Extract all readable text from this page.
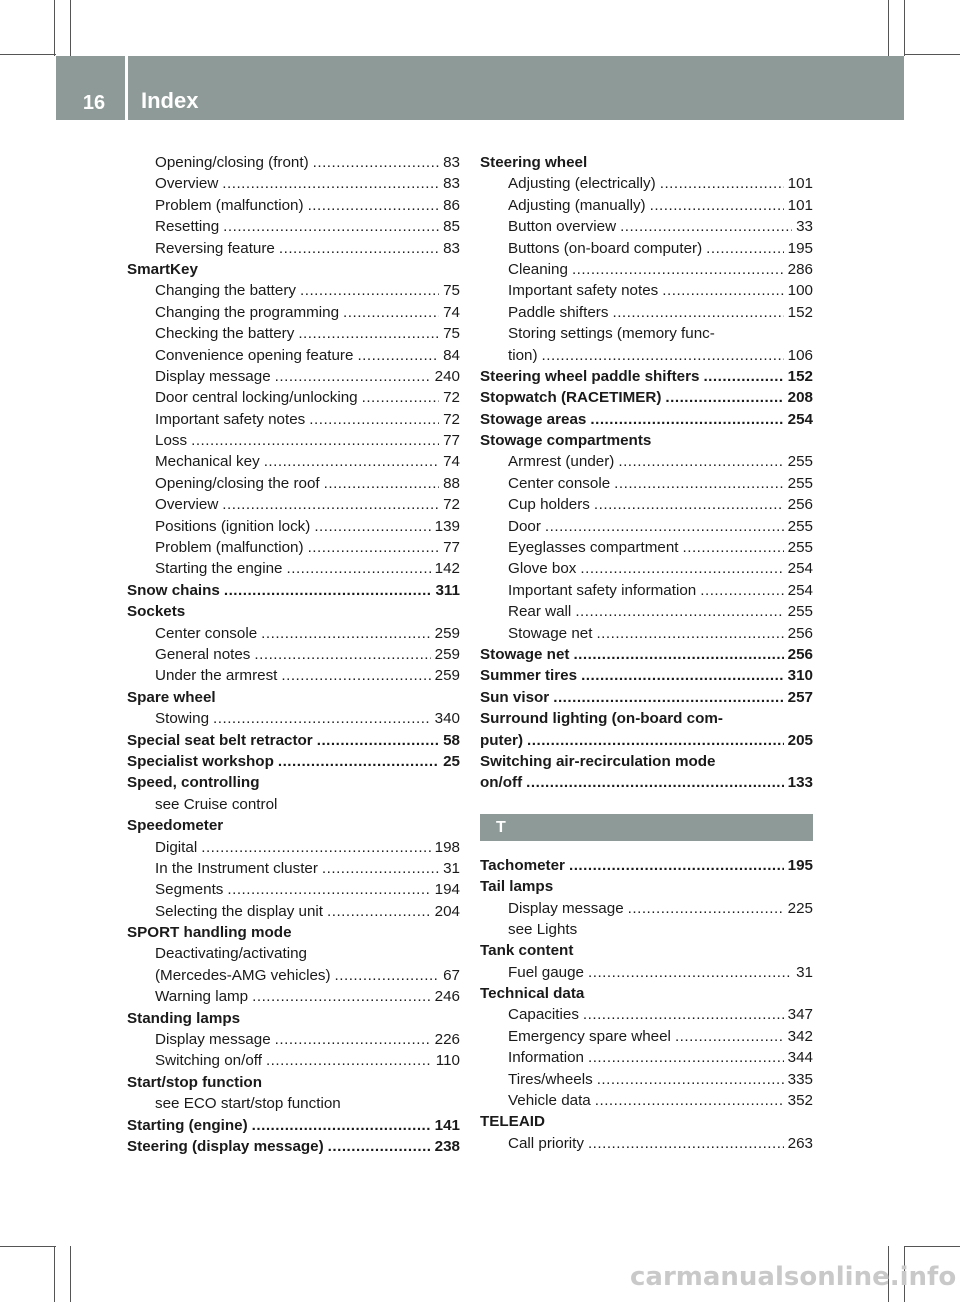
16	Index
Opening/closing (front) .....	83
Overview .....	83
Problem (malfunction) .....	86
Resetting .....	85
Reversing feature .....	83
SmartKey
Changing the battery .....	75
Changing the programming .....	74
Checking the battery .....	75
Convenience opening feature .....	84
Display message .....	240
Door central locking/unlocking .....	72
Important safety notes .....	72
Loss .....	77
Mechanical key .....	74
Opening/closing the roof .....	88
Overview .....	72
Positions (ignition lock) .....	139
Problem (malfunction) .....	77
Starting the engine .....	142
Snow chains .....	311
Sockets
Center console .....	259
General notes .....	259
Under the armrest .....	259
Spare wheel
Stowing .....	340
Special seat belt retractor .....	58
Specialist workshop .....	25
Speed, controlling
see Cruise control
Speedometer
Digital .....	198
In the Instrument cluster .....	31
Segments .....	194
Selecting the display unit .....	204
SPORT handling mode
Deactivating/activating
(Mercedes-AMG vehicles) .....	67
Warning lamp .....	246
Standing lamps
Display message .....	226
Switching on/off .....	110
Start/stop function
see ECO start/stop function
Starting (engine) .....	141
Steering (display message) .....	238
Steering wheel
Adjusting (electrically) .....	101
Adjusting (manually) .....	101
Button overview .....	33
Buttons (on-board computer) .....	195
Cleaning .....	286
Important safety notes .....	100
Paddle shifters .....	152
Storing settings (memory func-
tion) .....	106
Steering wheel paddle shifters .....	152
Stopwatch (RACETIMER) .....	208
Stowage areas .....	254
Stowage compartments
Armrest (under) .....	255
Center console .....	255
Cup holders .....	256
Door .....	255
Eyeglasses compartment .....	255
Glove box .....	254
Important safety information .....	254
Rear wall .....	255
Stowage net .....	256
Stowage net .....	256
Summer tires .....	310
Sun visor .....	257
Surround lighting (on-board com-
puter) .....	205
Switching air-recirculation mode
on/off .....	133
T
Tachometer .....	195
Tail lamps
Display message .....	225
see Lights
Tank content
Fuel gauge .....	31
Technical data
Capacities .....	347
Emergency spare wheel .....	342
Information .....	344
Tires/wheels .....	335
Vehicle data .....	352
TELEAID
Call priority .....	263
carmanualsonline.info
